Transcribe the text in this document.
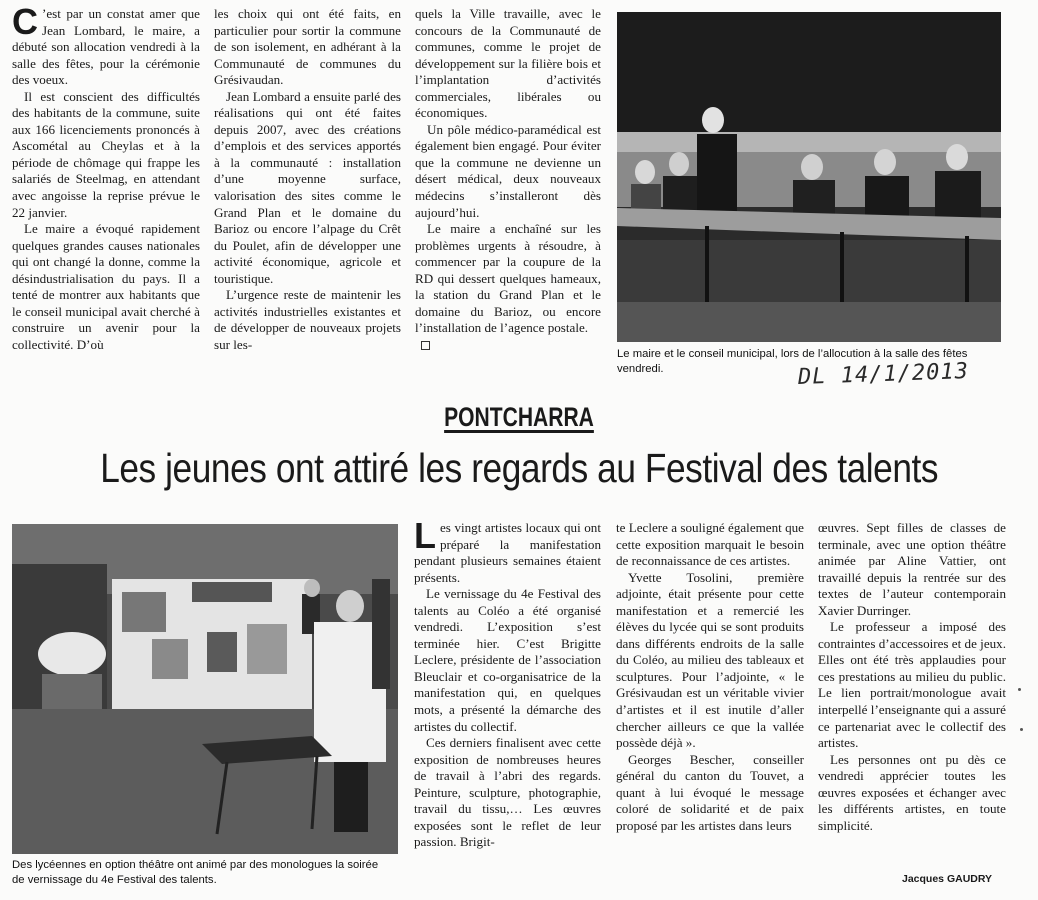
C ’est par un constat amer que Jean Lombard, le maire, a débuté son allocation vendredi à la salle des fêtes, pour la cérémonie des voeux.

Il est conscient des difficultés des habitants de la commune, suite aux 166 licenciements prononcés à Ascométal au Cheylas et à la période de chômage qui frappe les salariés de Steelmag, en attendant avec angoisse la reprise prévue le 22 janvier.

Le maire a évoqué rapidement quelques grandes causes nationales qui ont changé la donne, comme la désindustrialisation du pays. Il a tenté de montrer aux habitants que le conseil municipal avait cherché à construire un avenir pour la collectivité. D’où

les choix qui ont été faits, en particulier pour sortir la commune de son isolement, en adhérant à la Communauté de communes du Grésivaudan.

Jean Lombard a ensuite parlé des réalisations qui ont été faites depuis 2007, avec des créations d’emplois et des services apportés à la communauté : installation d’une moyenne surface, valorisation des sites comme le Grand Plan et le domaine du Barioz ou encore l’alpage du Crêt du Poulet, afin de développer une activité économique, agricole et touristique.

L’urgence reste de maintenir les activités industrielles existantes et de développer de nouveaux projets sur les-

quels la Ville travaille, avec le concours de la Communauté de communes, comme le projet de développement sur la filière bois et l’implantation d’activités commerciales, libérales ou économiques.

Un pôle médico-paramédical est également bien engagé. Pour éviter que la commune ne devienne un désert médical, deux nouveaux médecins s’installeront dès aujourd’hui.

Le maire a enchaîné sur les problèmes urgents à résoudre, à commencer par la coupure de la RD qui dessert quelques hameaux, la station du Grand Plan et le domaine du Barioz, ou encore l’installation de l’agence postale.

Le maire et le conseil municipal, lors de l’allocution à la salle des fêtes vendredi.	DL 14/1/2013
PONTCHARRA
Les jeunes ont attiré les regards au Festival des talents
Des lycéennes en option théâtre ont animé par des monologues la soirée de vernissage du 4e Festival des talents.

Les vingt artistes locaux qui ont préparé la manifestation pendant plusieurs semaines étaient présents.

Le vernissage du 4e Festival des talents au Coléo a été organisé vendredi. L’exposition s’est terminée hier. C’est Brigitte Leclere, présidente de l’association Bleuclair et co-organisatrice de la manifestation qui, en quelques mots, a présenté la démarche des artistes du collectif.

Ces derniers finalisent avec cette exposition de nombreuses heures de travail à l’abri des regards. Peinture, sculpture, photographie, travail du tissu,… Les œuvres exposées sont le reflet de leur passion. Brigit-

te Leclere a souligné également que cette exposition marquait le besoin de reconnaissance de ces artistes.

Yvette Tosolini, première adjointe, était présente pour cette manifestation et a remercié les élèves du lycée qui se sont produits dans différents endroits de la salle du Coléo, au milieu des tableaux et sculptures. Pour l’adjointe, « le Grésivaudan est un véritable vivier d’artistes et il est inutile d’aller chercher ailleurs ce que la vallée possède déjà ».

Georges Bescher, conseiller général du canton du Touvet, a quant à lui évoqué le message coloré de solidarité et de paix proposé par les artistes dans leurs

œuvres. Sept filles de classes de terminale, avec une option théâtre animée par Aline Vattier, ont travaillé depuis la rentrée sur des textes de l’auteur contemporain Xavier Durringer.

Le professeur a imposé des contraintes d’accessoires et de jeux. Elles ont été très applaudies pour ces prestations au milieu du public. Le lien portrait/monologue avait interpellé l’enseignante qui a assuré ce partenariat avec le collectif des artistes.

Les personnes ont pu dès ce vendredi apprécier toutes les œuvres exposées et échanger avec les différents artistes, en toute simplicité.

Jacques GAUDRY
